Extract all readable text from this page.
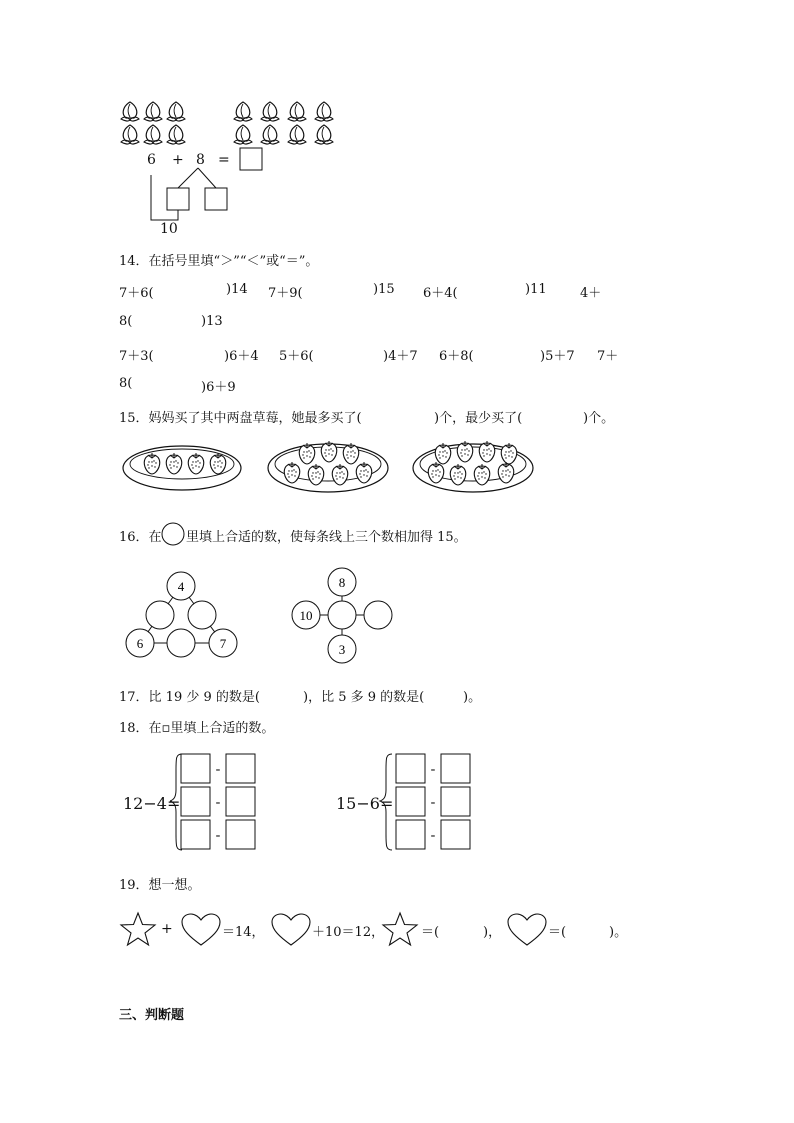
6 + 8 =
10
14．在括号里填“＞”“＜”或“＝”。
7＋6(	)14 7＋9(	)15 6＋4(	)11	4＋
8(	)13
7＋3(	)6＋4 5＋6(	)4＋7 6＋8(	)5＋7 7＋
8(	)6＋9
15．妈妈买了其中两盘草莓，她最多买了(	)个，最少买了(	)个。
16．在 里填上合适的数，使每条线上三个数相加得 15。
4
6	7
8
10
3
17．比 19 少 9 的数是(	)，比 5 多 9 的数是(	)。
18．在▫里填上合适的数。
12−4=	15−6=
-
-
-
-
-
-
19．想一想。
+	＝14，	＋10＝12，	＝(	)，	＝(	)。
三、判断题
